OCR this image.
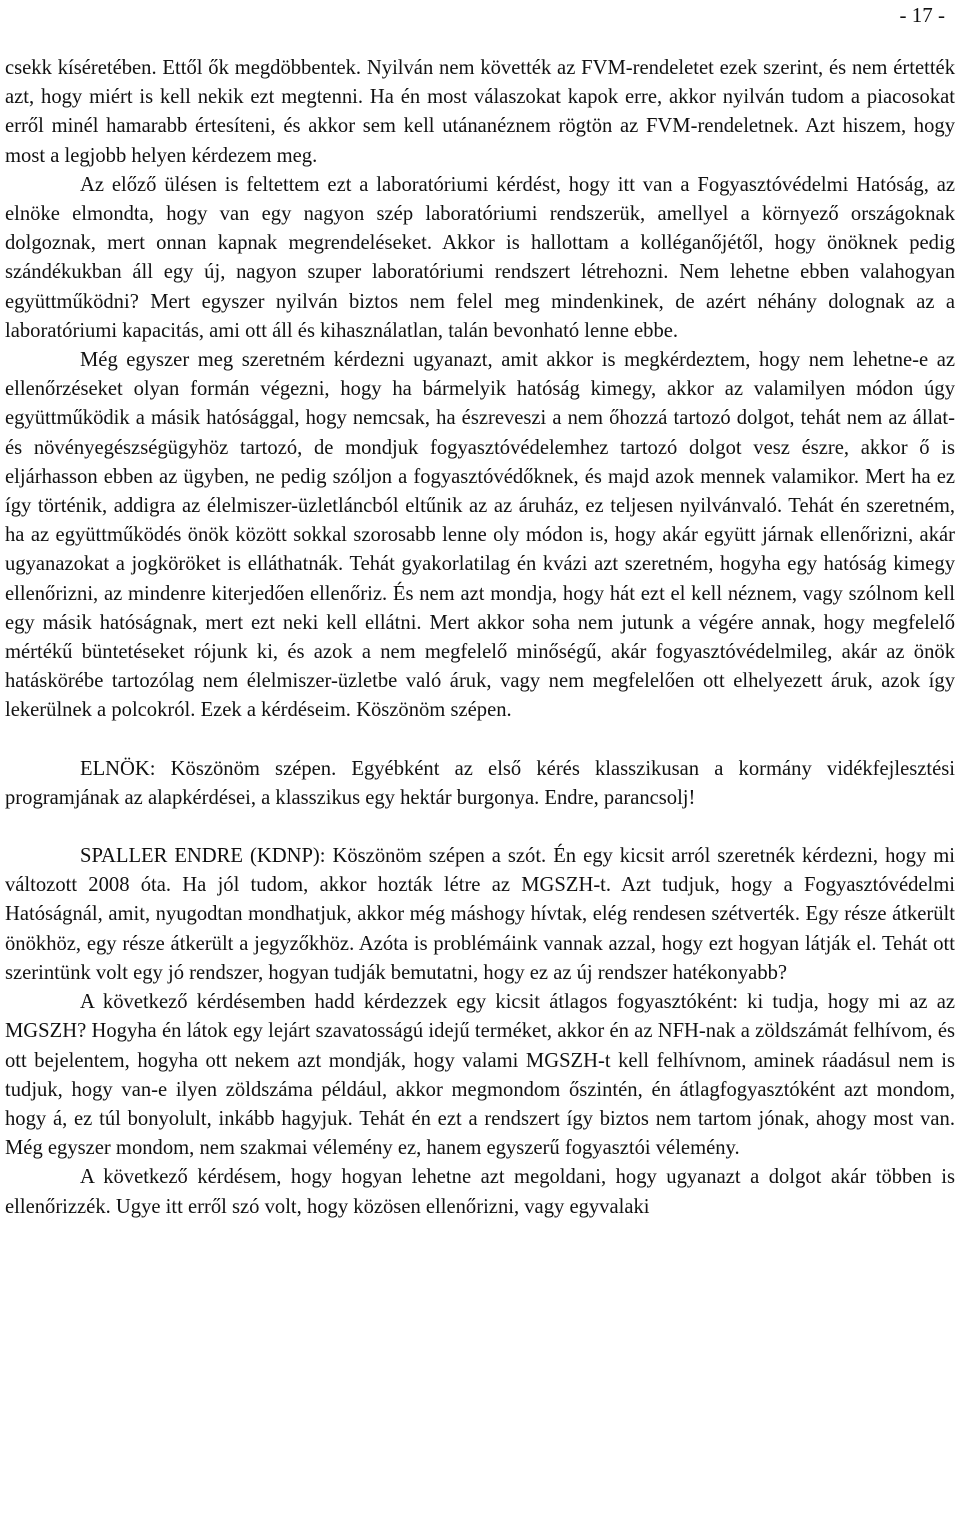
- 17 -

csekk kíséretében. Ettől ők megdöbbentek. Nyilván nem követték az FVM-rendeletet ezek szerint, és nem értették azt, hogy miért is kell nekik ezt megtenni. Ha én most válaszokat kapok erre, akkor nyilván tudom a piacosokat erről minél hamarabb értesíteni, és akkor sem kell utánanéznem rögtön az FVM-rendeletnek. Azt hiszem, hogy most a legjobb helyen kérdezem meg.

Az előző ülésen is feltettem ezt a laboratóriumi kérdést, hogy itt van a Fogyasztóvédelmi Hatóság, az elnöke elmondta, hogy van egy nagyon szép laboratóriumi rendszerük, amellyel a környező országoknak dolgoznak, mert onnan kapnak megrendeléseket. Akkor is hallottam a kolléganőjétől, hogy önöknek pedig szándékukban áll egy új, nagyon szuper laboratóriumi rendszert létrehozni. Nem lehetne ebben valahogyan együttműködni? Mert egyszer nyilván biztos nem felel meg mindenkinek, de azért néhány dolognak az a laboratóriumi kapacitás, ami ott áll és kihasználatlan, talán bevonható lenne ebbe.

Még egyszer meg szeretném kérdezni ugyanazt, amit akkor is megkérdeztem, hogy nem lehetne-e az ellenőrzéseket olyan formán végezni, hogy ha bármelyik hatóság kimegy, akkor az valamilyen módon úgy együttműködik a másik hatósággal, hogy nemcsak, ha észreveszi a nem őhozzá tartozó dolgot, tehát nem az állat- és növényegészségügyhöz tartozó, de mondjuk fogyasztóvédelemhez tartozó dolgot vesz észre, akkor ő is eljárhasson ebben az ügyben, ne pedig szóljon a fogyasztóvédőknek, és majd azok mennek valamikor. Mert ha ez így történik, addigra az élelmiszer-üzletláncból eltűnik az az áruház, ez teljesen nyilvánvaló. Tehát én szeretném, ha az együttműködés önök között sokkal szorosabb lenne oly módon is, hogy akár együtt járnak ellenőrizni, akár ugyanazokat a jogköröket is elláthatnák. Tehát gyakorlatilag én kvázi azt szeretném, hogyha egy hatóság kimegy ellenőrizni, az mindenre kiterjedően ellenőriz. És nem azt mondja, hogy hát ezt el kell néznem, vagy szólnom kell egy másik hatóságnak, mert ezt neki kell ellátni. Mert akkor soha nem jutunk a végére annak, hogy megfelelő mértékű büntetéseket rójunk ki, és azok a nem megfelelő minőségű, akár fogyasztóvédelmileg, akár az önök hatáskörébe tartozólag nem élelmiszer-üzletbe való áruk, vagy nem megfelelően ott elhelyezett áruk, azok így lekerülnek a polcokról. Ezek a kérdéseim. Köszönöm szépen.

ELNÖK: Köszönöm szépen. Egyébként az első kérés klasszikusan a kormány vidékfejlesztési programjának az alapkérdései, a klasszikus egy hektár burgonya. Endre, parancsolj!

SPALLER ENDRE (KDNP): Köszönöm szépen a szót. Én egy kicsit arról szeretnék kérdezni, hogy mi változott 2008 óta. Ha jól tudom, akkor hozták létre az MGSZH-t. Azt tudjuk, hogy a Fogyasztóvédelmi Hatóságnál, amit, nyugodtan mondhatjuk, akkor még máshogy hívtak, elég rendesen szétverték. Egy része átkerült önökhöz, egy része átkerült a jegyzőkhöz. Azóta is problémáink vannak azzal, hogy ezt hogyan látják el. Tehát ott szerintünk volt egy jó rendszer, hogyan tudják bemutatni, hogy ez az új rendszer hatékonyabb?

A következő kérdésemben hadd kérdezzek egy kicsit átlagos fogyasztóként: ki tudja, hogy mi az az MGSZH? Hogyha én látok egy lejárt szavatosságú idejű terméket, akkor én az NFH-nak a zöldszámát felhívom, és ott bejelentem, hogyha ott nekem azt mondják, hogy valami MGSZH-t kell felhívnom, aminek ráadásul nem is tudjuk, hogy van-e ilyen zöldszáma például, akkor megmondom őszintén, én átlagfogyasztóként azt mondom, hogy á, ez túl bonyolult, inkább hagyjuk. Tehát én ezt a rendszert így biztos nem tartom jónak, ahogy most van. Még egyszer mondom, nem szakmai vélemény ez, hanem egyszerű fogyasztói vélemény.

A következő kérdésem, hogy hogyan lehetne azt megoldani, hogy ugyanazt a dolgot akár többen is ellenőrizzék. Ugye itt erről szó volt, hogy közösen ellenőrizni, vagy egyvalaki
